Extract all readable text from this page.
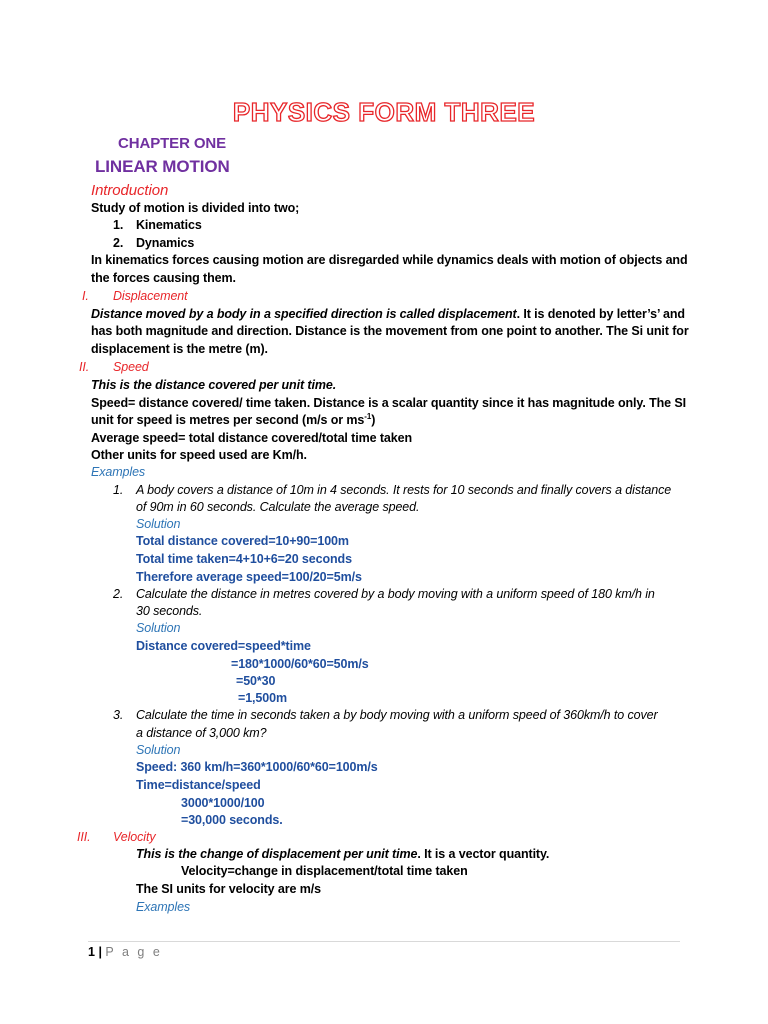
PHYSICS FORM THREE
CHAPTER ONE
LINEAR MOTION
Introduction
Study of motion is divided into two;
1. Kinematics
2. Dynamics
In kinematics forces causing motion are disregarded while dynamics deals with motion of objects and
the forces causing them.
I. Displacement
Distance moved by a body in a specified direction is called displacement. It is denoted by letter’s’ and
has both magnitude and direction. Distance is the movement from one point to another. The Si unit for
displacement is the metre (m).
II. Speed
This is the distance covered per unit time.
Speed= distance covered/ time taken. Distance is a scalar quantity since it has magnitude only. The SI
unit for speed is metres per second (m/s or $ms^{-1}$)
Average speed= total distance covered/total time taken
Other units for speed used are Km/h.
Examples
1. A body covers a distance of 10m in 4 seconds. It rests for 10 seconds and finally covers a distance
of 90m in 60 seconds. Calculate the average speed.
Solution
Total distance covered=10+90=100m
Total time taken=4+10+6=20 seconds
Therefore average speed=100/20=5m/s
2. Calculate the distance in metres covered by a body moving with a uniform speed of 180 km/h in
30 seconds.
Solution
Distance covered=speed*time
=180*1000/60*60=50m/s
=50*30
=1,500m
3. Calculate the time in seconds taken a by body moving with a uniform speed of 360km/h to cover
a distance of 3,000 km?
Solution
Speed: 360 km/h=360*1000/60*60=100m/s
Time=distance/speed
3000*1000/100
=30,000 seconds.
III. Velocity
This is the change of displacement per unit time. It is a vector quantity.
Velocity=change in displacement/total time taken
The SI units for velocity are m/s
Examples
1 | P a g e
